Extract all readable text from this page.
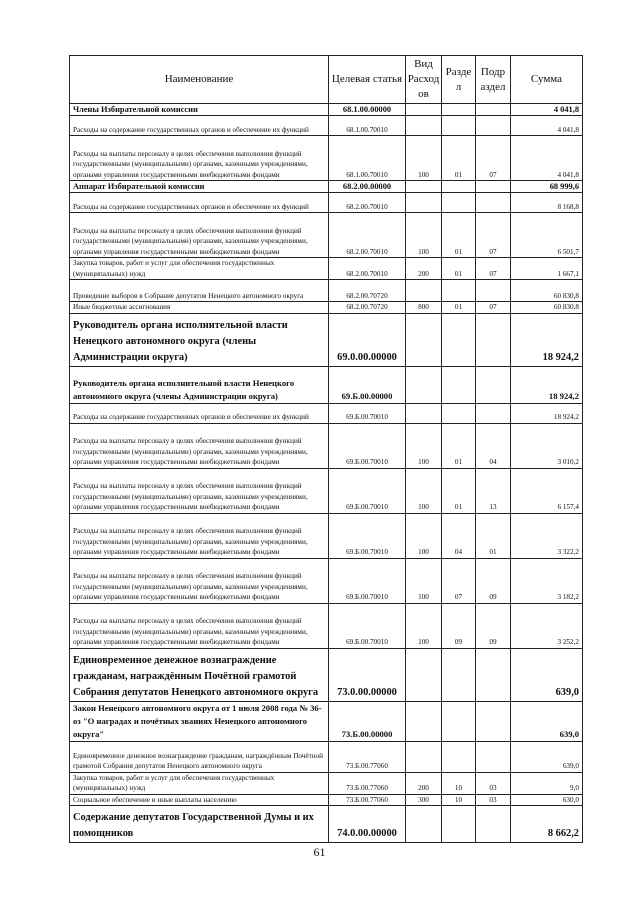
Наименование	Целевая статья	Вид Расход ов	Разде л	Подр аздел	Сумма
Члены Избирательной комиссии	68.1.00.00000				4 041,8
Расходы на содержание государственных органов и обеспечение их функций	68.1.00.70010				4 041,8
Расходы на выплаты персоналу в целях обеспечения выполнения функций государственными (муниципальными) органами, казенными учреждениями, органами управления государственными внебюджетными фондами	68.1.00.70010	100	01	07	4 041,8
Аппарат Избирательной комиссии	68.2.00.00000				68 999,6
Расходы на содержание государственных органов и обеспечение их функций	68.2.00.70010				8 168,8
Расходы на выплаты персоналу в целях обеспечения выполнения функций государственными (муниципальными) органами, казенными учреждениями, органами управления государственными внебюджетными фондами	68.2.00.70010	100	01	07	6 501,7
Закупка товаров, работ и услуг для обеспечения государственных (муниципальных) нужд	68.2.00.70010	200	01	07	1 667,1
Проведение выборов в Собрание депутатов Ненецкого автономного округа	68.2.00.70720				60 830,8
Иные бюджетные ассигнования	68.2.00.70720	800	01	07	60 830,8
Руководитель органа исполнительной власти Ненецкого автономного округа (члены Администрации округа)	69.0.00.00000				18 924,2
Руководитель органа исполнительной власти Ненецкого автономного округа (члены Администрации округа)	69.Б.00.00000				18 924,2
Расходы на содержание государственных органов и обеспечение их функций	69.Б.00.70010				18 924,2
Расходы на выплаты персоналу в целях обеспечения выполнения функций государственными (муниципальными) органами, казенными учреждениями, органами управления государственными внебюджетными фондами	69.Б.00.70010	100	01	04	3 010,2
Расходы на выплаты персоналу в целях обеспечения выполнения функций государственными (муниципальными) органами, казенными учреждениями, органами управления государственными внебюджетными фондами	69.Б.00.70010	100	01	13	6 157,4
Расходы на выплаты персоналу в целях обеспечения выполнения функций государственными (муниципальными) органами, казенными учреждениями, органами управления государственными внебюджетными фондами	69.Б.00.70010	100	04	01	3 322,2
Расходы на выплаты персоналу в целях обеспечения выполнения функций государственными (муниципальными) органами, казенными учреждениями, органами управления государственными внебюджетными фондами	69.Б.00.70010	100	07	09	3 182,2
Расходы на выплаты персоналу в целях обеспечения выполнения функций государственными (муниципальными) органами, казенными учреждениями, органами управления государственными внебюджетными фондами	69.Б.00.70010	100	09	09	3 252,2
Единовременное денежное вознаграждение гражданам, награждённым Почётной грамотой Собрания депутатов Ненецкого автономного округа	73.0.00.00000				639,0
Закон Ненецкого автономного округа от 1 июля 2008 года № 36-оз "О наградах и почётных званиях Ненецкого автономного округа"	73.Б.00.00000				639,0
Единовременное денежное вознаграждение гражданам, награждённым Почётной грамотой Собрания депутатов Ненецкого автономного округа	73.Б.00.77060				639,0
Закупка товаров, работ и услуг для обеспечения государственных (муниципальных) нужд	73.Б.00.77060	200	10	03	9,0
Социальное обеспечение и иные выплаты населению	73.Б.00.77060	300	10	03	630,0
Содержание депутатов Государственной Думы и их помощников	74.0.00.00000				8 662,2
61
